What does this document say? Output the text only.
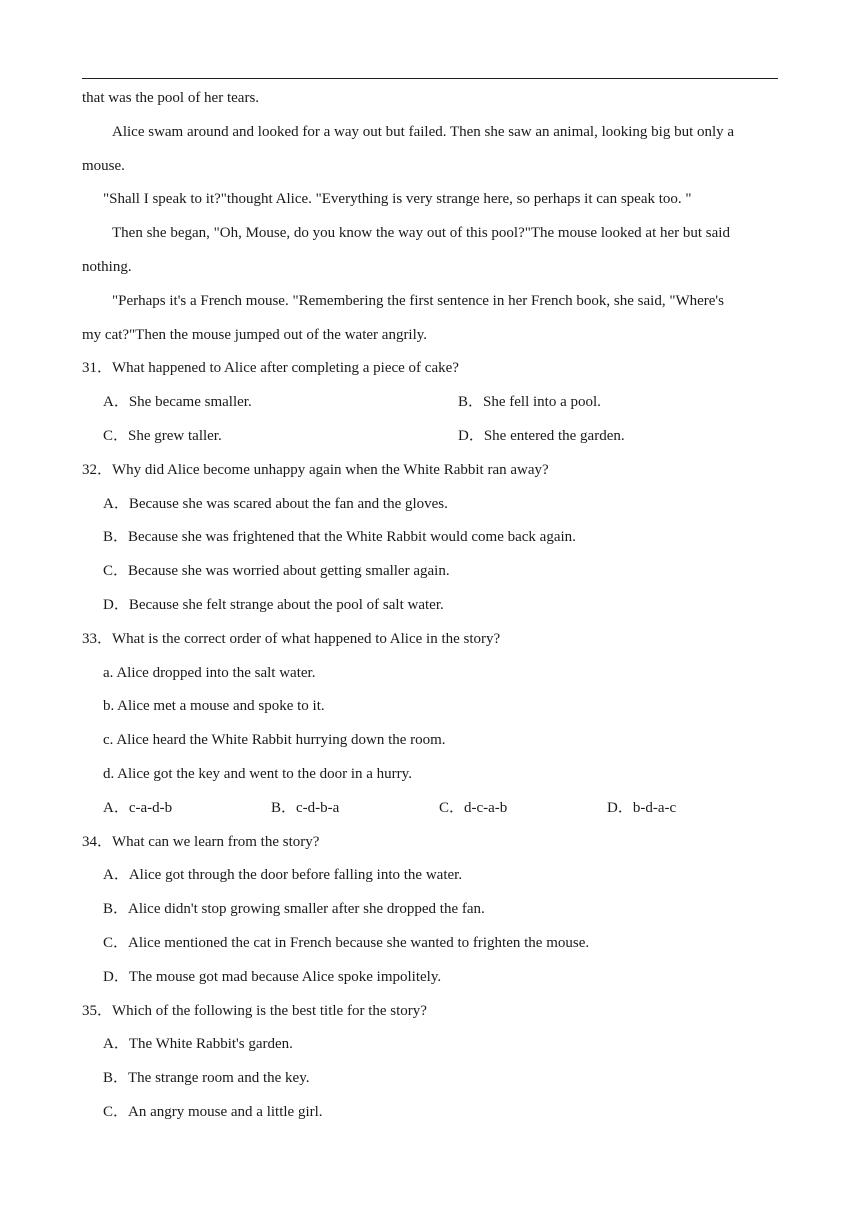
that was the pool of her tears.
Alice swam around and looked for a way out but failed. Then she saw an animal, looking big but only a
mouse.
"Shall I speak to it?"thought Alice. "Everything is very strange here, so perhaps it can speak too. "
Then she began, "Oh, Mouse, do you know the way out of this pool?"The mouse looked at her but said
nothing.
"Perhaps it's a French mouse. "Remembering the first sentence in her French book, she said, "Where's
my cat?"Then the mouse jumped out of the water angrily.
31．What happened to Alice after completing a piece of cake?
A．She became smaller.	B．She fell into a pool.
C．She grew taller.	D．She entered the garden.
32．Why did Alice become unhappy again when the White Rabbit ran away?
A．Because she was scared about the fan and the gloves.
B．Because she was frightened that the White Rabbit would come back again.
C．Because she was worried about getting smaller again.
D．Because she felt strange about the pool of salt water.
33．What is the correct order of what happened to Alice in the story?
a. Alice dropped into the salt water.
b. Alice met a mouse and spoke to it.
c. Alice heard the White Rabbit hurrying down the room.
d. Alice got the key and went to the door in a hurry.
A．c-a-d-b	B．c-d-b-a	C．d-c-a-b	D．b-d-a-c
34．What can we learn from the story?
A．Alice got through the door before falling into the water.
B．Alice didn't stop growing smaller after she dropped the fan.
C．Alice mentioned the cat in French because she wanted to frighten the mouse.
D．The mouse got mad because Alice spoke impolitely.
35．Which of the following is the best title for the story?
A．The White Rabbit's garden.
B．The strange room and the key.
C．An angry mouse and a little girl.
